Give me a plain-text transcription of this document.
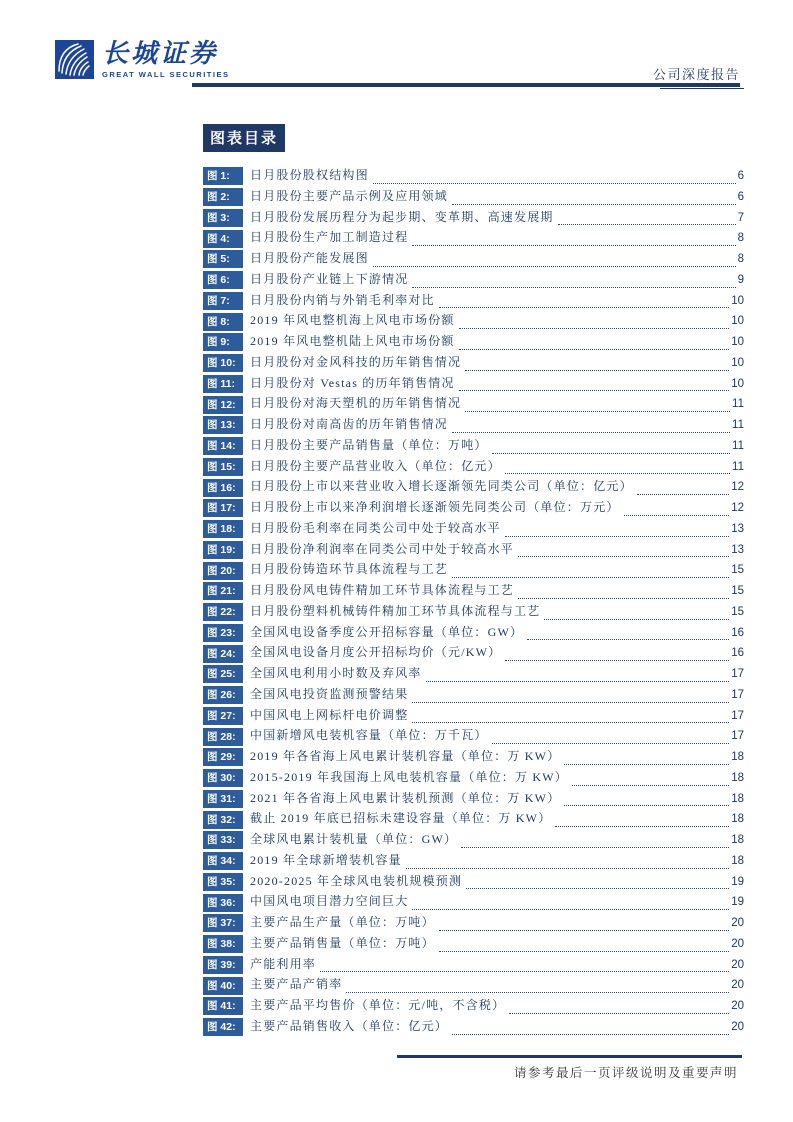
长城证券
GREAT WALL SECURITIES	公司深度报告
图表目录
图 1:	日月股份股权结构图	6
图 2:	日月股份主要产品示例及应用领域	6
图 3:	日月股份发展历程分为起步期、变革期、高速发展期	7
图 4:	日月股份生产加工制造过程	8
图 5:	日月股份产能发展图	8
图 6:	日月股份产业链上下游情况	9
图 7:	日月股份内销与外销毛利率对比	10
图 8:	2019 年风电整机海上风电市场份额	10
图 9:	2019 年风电整机陆上风电市场份额	10
图 10:	日月股份对金风科技的历年销售情况	10
图 11:	日月股份对 Vestas 的历年销售情况	10
图 12:	日月股份对海天塑机的历年销售情况	11
图 13:	日月股份对南高齿的历年销售情况	11
图 14:	日月股份主要产品销售量（单位：万吨）	11
图 15:	日月股份主要产品营业收入（单位：亿元）	11
图 16:	日月股份上市以来营业收入增长逐渐领先同类公司（单位：亿元）	12
图 17:	日月股份上市以来净利润增长逐渐领先同类公司（单位：万元）	12
图 18:	日月股份毛利率在同类公司中处于较高水平	13
图 19:	日月股份净利润率在同类公司中处于较高水平	13
图 20:	日月股份铸造环节具体流程与工艺	15
图 21:	日月股份风电铸件精加工环节具体流程与工艺	15
图 22:	日月股份塑料机械铸件精加工环节具体流程与工艺	15
图 23:	全国风电设备季度公开招标容量（单位：GW）	16
图 24:	全国风电设备月度公开招标均价（元/KW）	16
图 25:	全国风电利用小时数及弃风率	17
图 26:	全国风电投资监测预警结果	17
图 27:	中国风电上网标杆电价调整	17
图 28:	中国新增风电装机容量（单位：万千瓦）	17
图 29:	2019 年各省海上风电累计装机容量（单位：万 KW）	18
图 30:	2015-2019 年我国海上风电装机容量（单位：万 KW）	18
图 31:	2021 年各省海上风电累计装机预测（单位：万 KW）	18
图 32:	截止 2019 年底已招标未建设容量（单位：万 KW）	18
图 33:	全球风电累计装机量（单位：GW）	18
图 34:	2019 年全球新增装机容量	18
图 35:	2020-2025 年全球风电装机规模预测	19
图 36:	中国风电项目潜力空间巨大	19
图 37:	主要产品生产量（单位：万吨）	20
图 38:	主要产品销售量（单位：万吨）	20
图 39:	产能利用率	20
图 40:	主要产品产销率	20
图 41:	主要产品平均售价（单位：元/吨，不含税）	20
图 42:	主要产品销售收入（单位：亿元）	20
请参考最后一页评级说明及重要声明
